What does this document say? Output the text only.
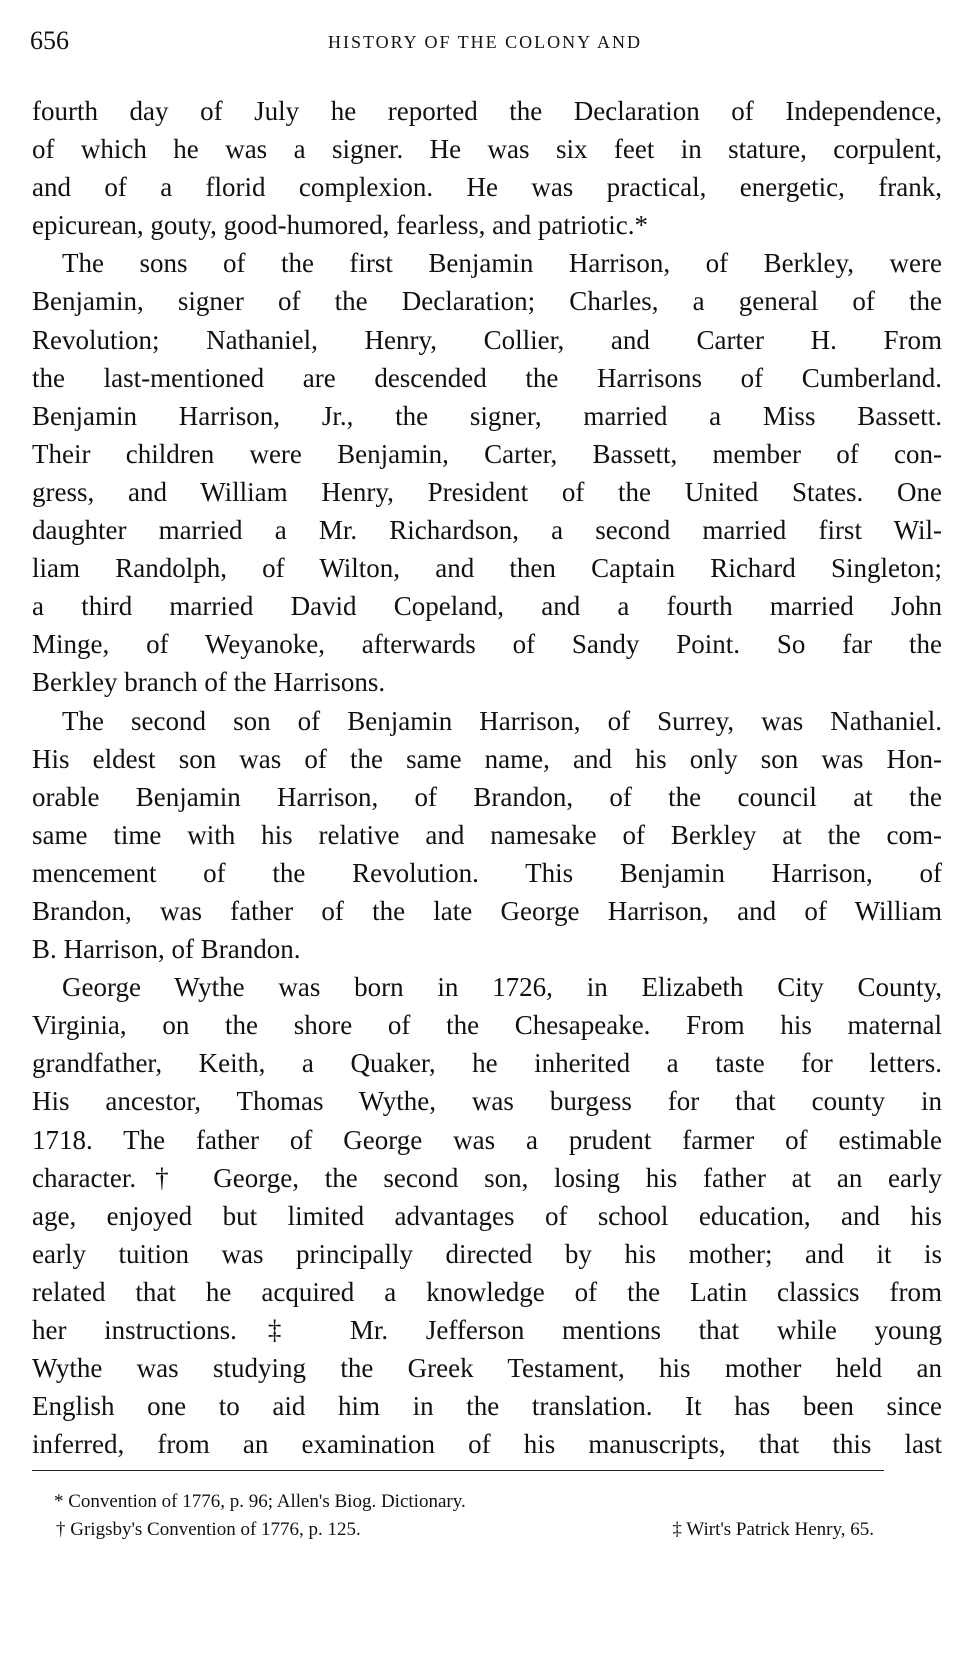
656	HISTORY OF THE COLONY AND
fourth day of July he reported the Declaration of Independence,
of which he was a signer. He was six feet in stature, corpulent,
and of a florid complexion. He was practical, energetic, frank,
epicurean, gouty, good-humored, fearless, and patriotic.*
The sons of the first Benjamin Harrison, of Berkley, were
Benjamin, signer of the Declaration; Charles, a general of the
Revolution; Nathaniel, Henry, Collier, and Carter H. From
the last-mentioned are descended the Harrisons of Cumberland.
Benjamin Harrison, Jr., the signer, married a Miss Bassett.
Their children were Benjamin, Carter, Bassett, member of con-
gress, and William Henry, President of the United States. One
daughter married a Mr. Richardson, a second married first Wil-
liam Randolph, of Wilton, and then Captain Richard Singleton;
a third married David Copeland, and a fourth married John
Minge, of Weyanoke, afterwards of Sandy Point. So far the
Berkley branch of the Harrisons.
The second son of Benjamin Harrison, of Surrey, was Nathaniel.
His eldest son was of the same name, and his only son was Hon-
orable Benjamin Harrison, of Brandon, of the council at the
same time with his relative and namesake of Berkley at the com-
mencement of the Revolution. This Benjamin Harrison, of
Brandon, was father of the late George Harrison, and of William
B. Harrison, of Brandon.
George Wythe was born in 1726, in Elizabeth City County,
Virginia, on the shore of the Chesapeake. From his maternal
grandfather, Keith, a Quaker, he inherited a taste for letters.
His ancestor, Thomas Wythe, was burgess for that county in
1718. The father of George was a prudent farmer of estimable
character.† George, the second son, losing his father at an early
age, enjoyed but limited advantages of school education, and his
early tuition was principally directed by his mother; and it is
related that he acquired a knowledge of the Latin classics from
her instructions.‡ Mr. Jefferson mentions that while young
Wythe was studying the Greek Testament, his mother held an
English one to aid him in the translation. It has been since
inferred, from an examination of his manuscripts, that this last
* Convention of 1776, p. 96; Allen's Biog. Dictionary.
† Grigsby's Convention of 1776, p. 125.	‡ Wirt's Patrick Henry, 65.
